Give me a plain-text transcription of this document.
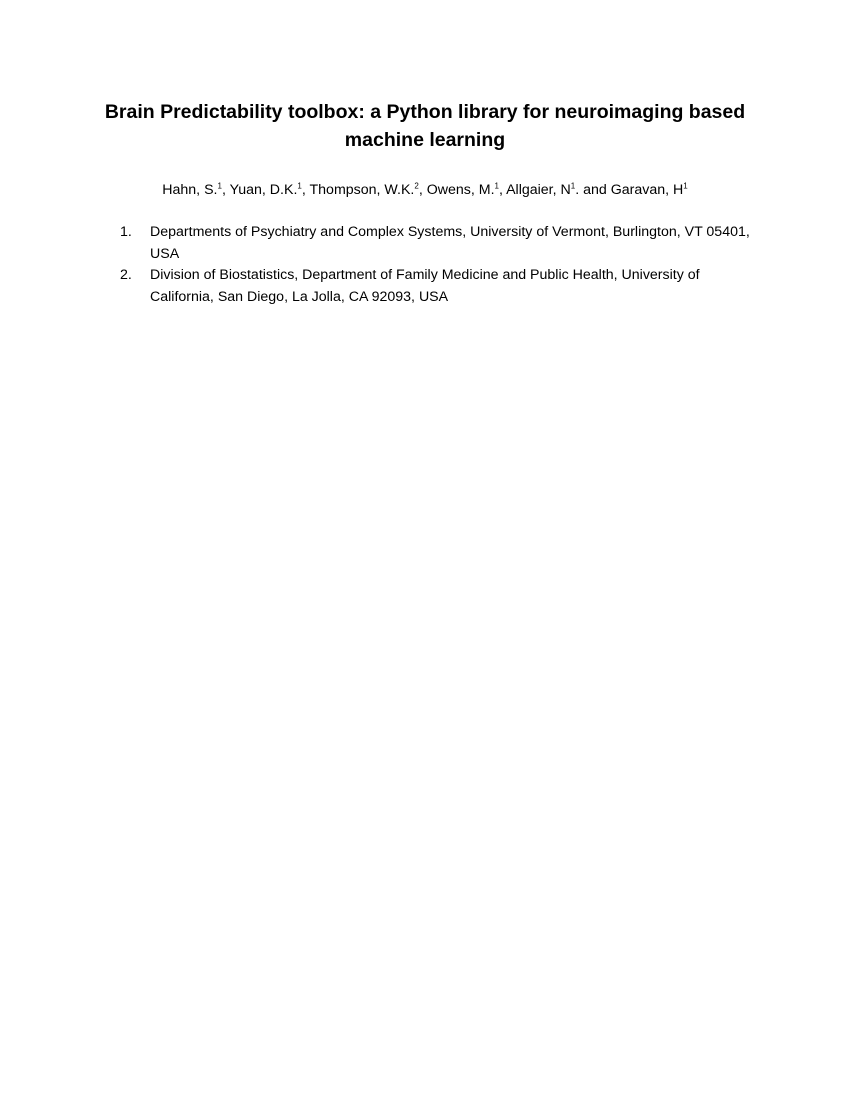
Brain Predictability toolbox: a Python library for neuroimaging based
machine learning

Hahn, S.$^1$, Yuan, D.K.$^1$, Thompson, W.K.$^2$, Owens, M.$^1$, Allgaier, $N^1$. and Garavan, $H^1$

1. Departments of Psychiatry and Complex Systems, University of Vermont, Burlington, VT 05401, USA
2. Division of Biostatistics, Department of Family Medicine and Public Health, University of California, San Diego, La Jolla, CA 92093, USA
